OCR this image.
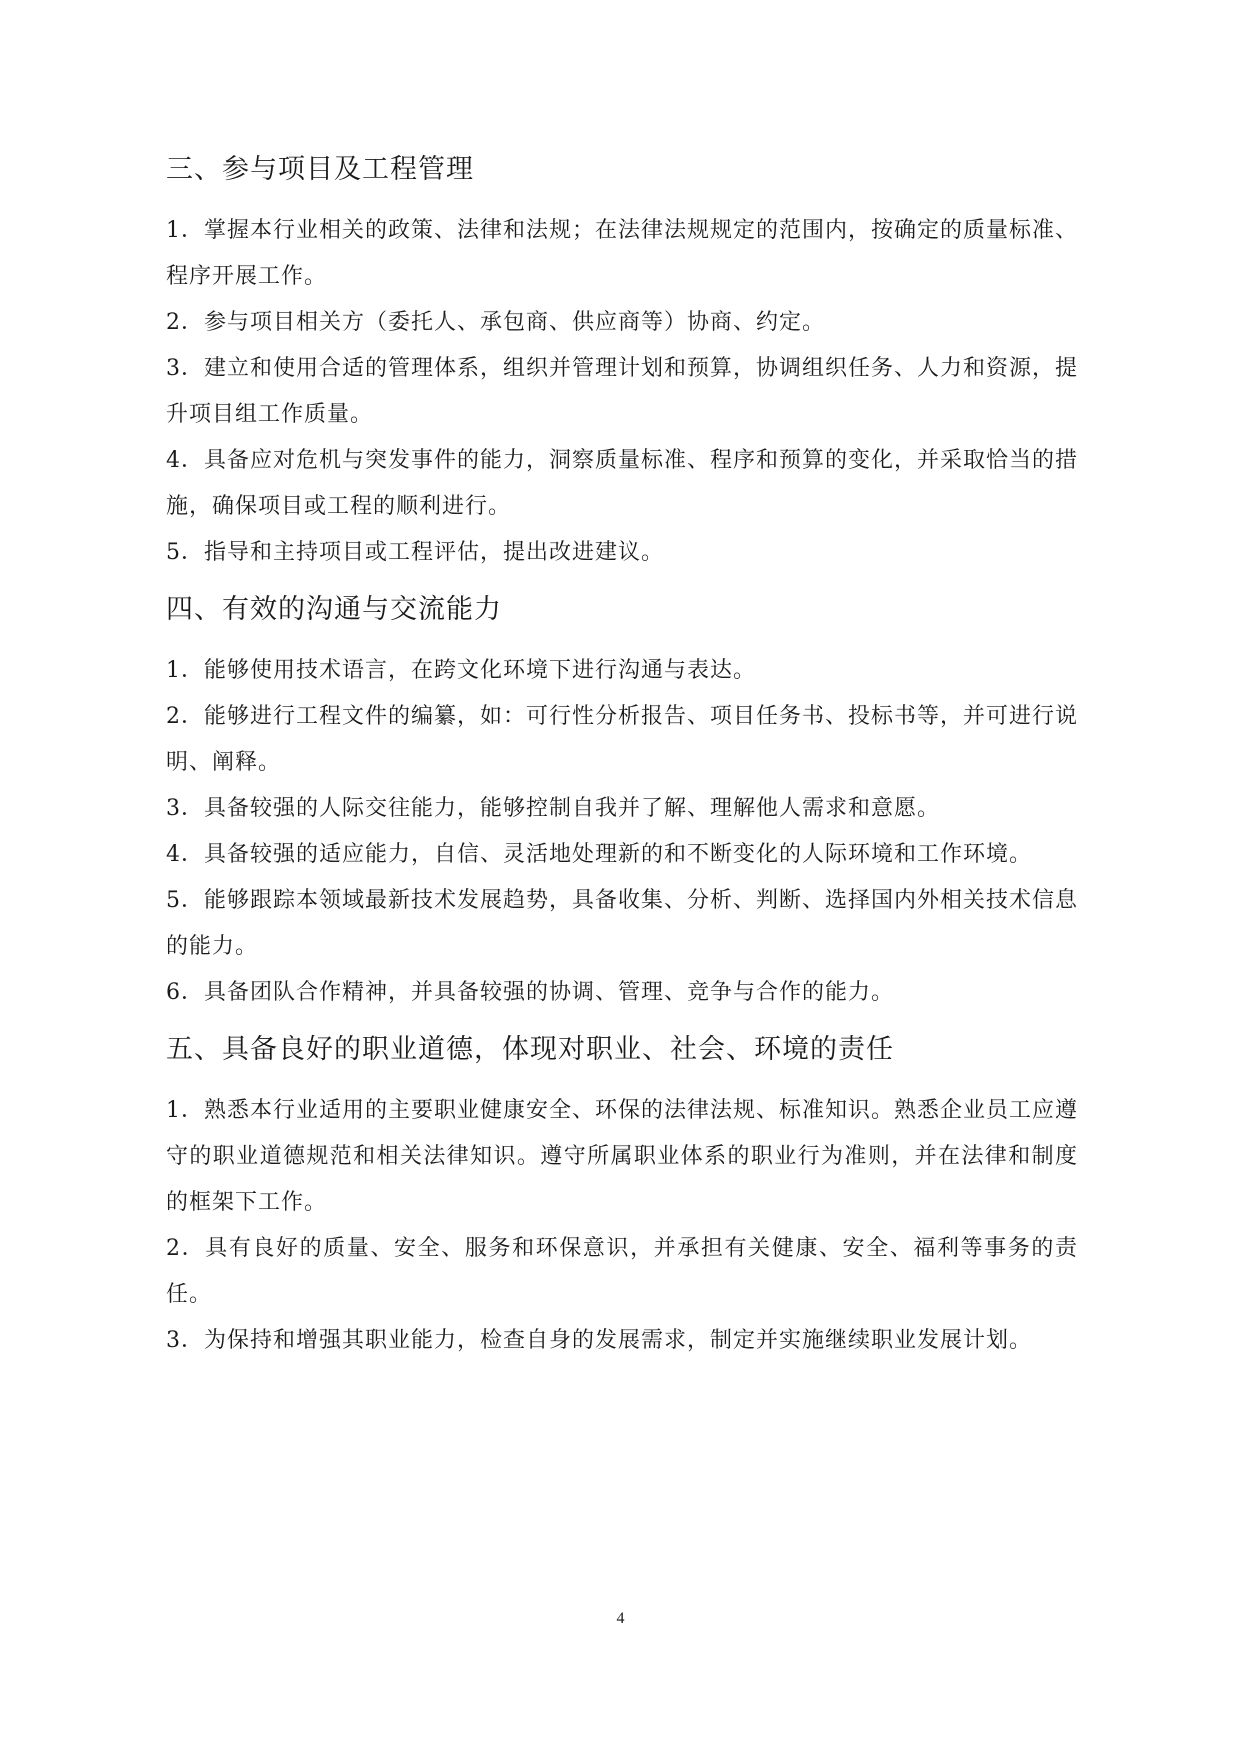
三、参与项目及工程管理

1．掌握本行业相关的政策、法律和法规；在法律法规规定的范围内，按确定的质量标准、程序开展工作。

2．参与项目相关方（委托人、承包商、供应商等）协商、约定。

3．建立和使用合适的管理体系，组织并管理计划和预算，协调组织任务、人力和资源，提升项目组工作质量。

4．具备应对危机与突发事件的能力，洞察质量标准、程序和预算的变化，并采取恰当的措施，确保项目或工程的顺利进行。

5．指导和主持项目或工程评估，提出改进建议。

四、有效的沟通与交流能力

1．能够使用技术语言，在跨文化环境下进行沟通与表达。

2．能够进行工程文件的编纂，如：可行性分析报告、项目任务书、投标书等，并可进行说明、阐释。

3．具备较强的人际交往能力，能够控制自我并了解、理解他人需求和意愿。

4．具备较强的适应能力，自信、灵活地处理新的和不断变化的人际环境和工作环境。

5．能够跟踪本领域最新技术发展趋势，具备收集、分析、判断、选择国内外相关技术信息的能力。

6．具备团队合作精神，并具备较强的协调、管理、竞争与合作的能力。

五、具备良好的职业道德，体现对职业、社会、环境的责任

1．熟悉本行业适用的主要职业健康安全、环保的法律法规、标准知识。熟悉企业员工应遵守的职业道德规范和相关法律知识。遵守所属职业体系的职业行为准则，并在法律和制度的框架下工作。

2．具有良好的质量、安全、服务和环保意识，并承担有关健康、安全、福利等事务的责任。

3．为保持和增强其职业能力，检查自身的发展需求，制定并实施继续职业发展计划。

4
